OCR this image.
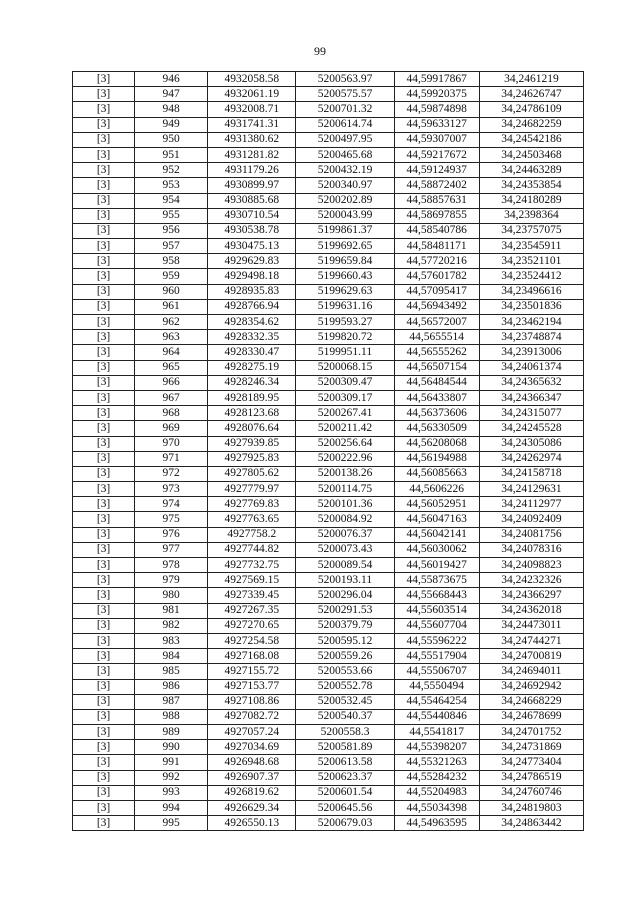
99
[3]	946	4932058.58	5200563.97	44,59917867	34,2461219
[3]	947	4932061.19	5200575.57	44,59920375	34,24626747
[3]	948	4932008.71	5200701.32	44,59874898	34,24786109
[3]	949	4931741.31	5200614.74	44,59633127	34,24682259
[3]	950	4931380.62	5200497.95	44,59307007	34,24542186
[3]	951	4931281.82	5200465.68	44,59217672	34,24503468
[3]	952	4931179.26	5200432.19	44,59124937	34,24463289
[3]	953	4930899.97	5200340.97	44,58872402	34,24353854
[3]	954	4930885.68	5200202.89	44,58857631	34,24180289
[3]	955	4930710.54	5200043.99	44,58697855	34,2398364
[3]	956	4930538.78	5199861.37	44,58540786	34,23757075
[3]	957	4930475.13	5199692.65	44,58481171	34,23545911
[3]	958	4929629.83	5199659.84	44,57720216	34,23521101
[3]	959	4929498.18	5199660.43	44,57601782	34,23524412
[3]	960	4928935.83	5199629.63	44,57095417	34,23496616
[3]	961	4928766.94	5199631.16	44,56943492	34,23501836
[3]	962	4928354.62	5199593.27	44,56572007	34,23462194
[3]	963	4928332.35	5199820.72	44,5655514	34,23748874
[3]	964	4928330.47	5199951.11	44,56555262	34,23913006
[3]	965	4928275.19	5200068.15	44,56507154	34,24061374
[3]	966	4928246.34	5200309.47	44,56484544	34,24365632
[3]	967	4928189.95	5200309.17	44,56433807	34,24366347
[3]	968	4928123.68	5200267.41	44,56373606	34,24315077
[3]	969	4928076.64	5200211.42	44,56330509	34,24245528
[3]	970	4927939.85	5200256.64	44,56208068	34,24305086
[3]	971	4927925.83	5200222.96	44,56194988	34,24262974
[3]	972	4927805.62	5200138.26	44,56085663	34,24158718
[3]	973	4927779.97	5200114.75	44,5606226	34,24129631
[3]	974	4927769.83	5200101.36	44,56052951	34,24112977
[3]	975	4927763.65	5200084.92	44,56047163	34,24092409
[3]	976	4927758.2	5200076.37	44,56042141	34,24081756
[3]	977	4927744.82	5200073.43	44,56030062	34,24078316
[3]	978	4927732.75	5200089.54	44,56019427	34,24098823
[3]	979	4927569.15	5200193.11	44,55873675	34,24232326
[3]	980	4927339.45	5200296.04	44,55668443	34,24366297
[3]	981	4927267.35	5200291.53	44,55603514	34,24362018
[3]	982	4927270.65	5200379.79	44,55607704	34,24473011
[3]	983	4927254.58	5200595.12	44,55596222	34,24744271
[3]	984	4927168.08	5200559.26	44,55517904	34,24700819
[3]	985	4927155.72	5200553.66	44,55506707	34,24694011
[3]	986	4927153.77	5200552.78	44,5550494	34,24692942
[3]	987	4927108.86	5200532.45	44,55464254	34,24668229
[3]	988	4927082.72	5200540.37	44,55440846	34,24678699
[3]	989	4927057.24	5200558.3	44,5541817	34,24701752
[3]	990	4927034.69	5200581.89	44,55398207	34,24731869
[3]	991	4926948.68	5200613.58	44,55321263	34,24773404
[3]	992	4926907.37	5200623.37	44,55284232	34,24786519
[3]	993	4926819.62	5200601.54	44,55204983	34,24760746
[3]	994	4926629.34	5200645.56	44,55034398	34,24819803
[3]	995	4926550.13	5200679.03	44,54963595	34,24863442
